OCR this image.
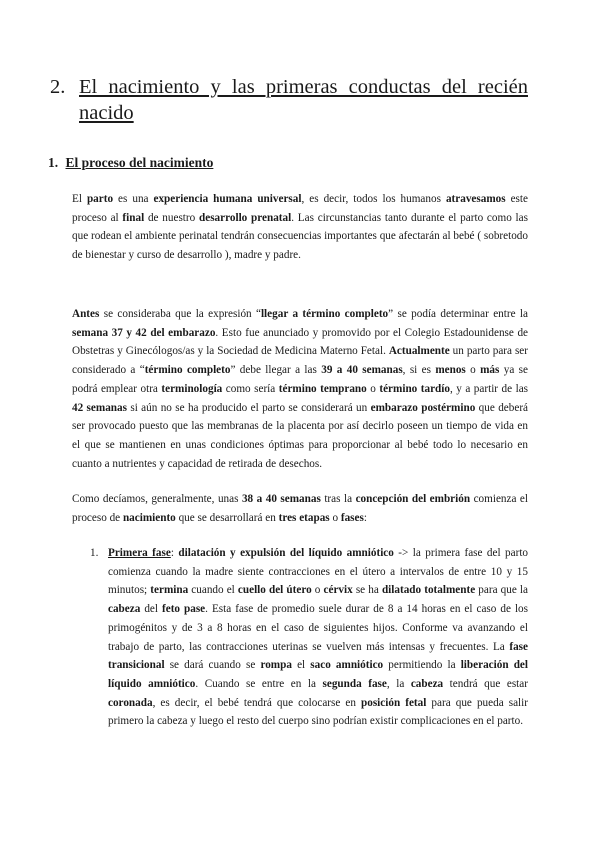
2. El nacimiento y las primeras conductas del recién nacido
1. El proceso del nacimiento

El parto es una experiencia humana universal, es decir, todos los humanos atravesamos este proceso al final de nuestro desarrollo prenatal. Las circunstancias tanto durante el parto como las que rodean el ambiente perinatal tendrán consecuencias importantes que afectarán al bebé ( sobretodo de bienestar y curso de desarrollo ), madre y padre.

Antes se consideraba que la expresión “llegar a término completo” se podía determinar entre la semana 37 y 42 del embarazo. Esto fue anunciado y promovido por el Colegio Estadounidense de Obstetras y Ginecólogos/as y la Sociedad de Medicina Materno Fetal. Actualmente un parto para ser considerado a “término completo” debe llegar a las 39 a 40 semanas, si es menos o más ya se podrá emplear otra terminología como sería término temprano o término tardío, y a partir de las 42 semanas si aún no se ha producido el parto se considerará un embarazo postérmino que deberá ser provocado puesto que las membranas de la placenta por así decirlo poseen un tiempo de vida en el que se mantienen en unas condiciones óptimas para proporcionar al bebé todo lo necesario en cuanto a nutrientes y capacidad de retirada de desechos.

Como decíamos, generalmente, unas 38 a 40 semanas tras la concepción del embrión comienza el proceso de nacimiento que se desarrollará en tres etapas o fases:

1. Primera fase: dilatación y expulsión del líquido amniótico -> la primera fase del parto comienza cuando la madre siente contracciones en el útero a intervalos de entre 10 y 15 minutos; termina cuando el cuello del útero o cérvix se ha dilatado totalmente para que la cabeza del feto pase. Esta fase de promedio suele durar de 8 a 14 horas en el caso de los primogénitos y de 3 a 8 horas en el caso de siguientes hijos. Conforme va avanzando el trabajo de parto, las contracciones uterinas se vuelven más intensas y frecuentes. La fase transicional se dará cuando se rompa el saco amniótico permitiendo la liberación del líquido amniótico. Cuando se entre en la segunda fase, la cabeza tendrá que estar coronada, es decir, el bebé tendrá que colocarse en posición fetal para que pueda salir primero la cabeza y luego el resto del cuerpo sino podrían existir complicaciones en el parto.
